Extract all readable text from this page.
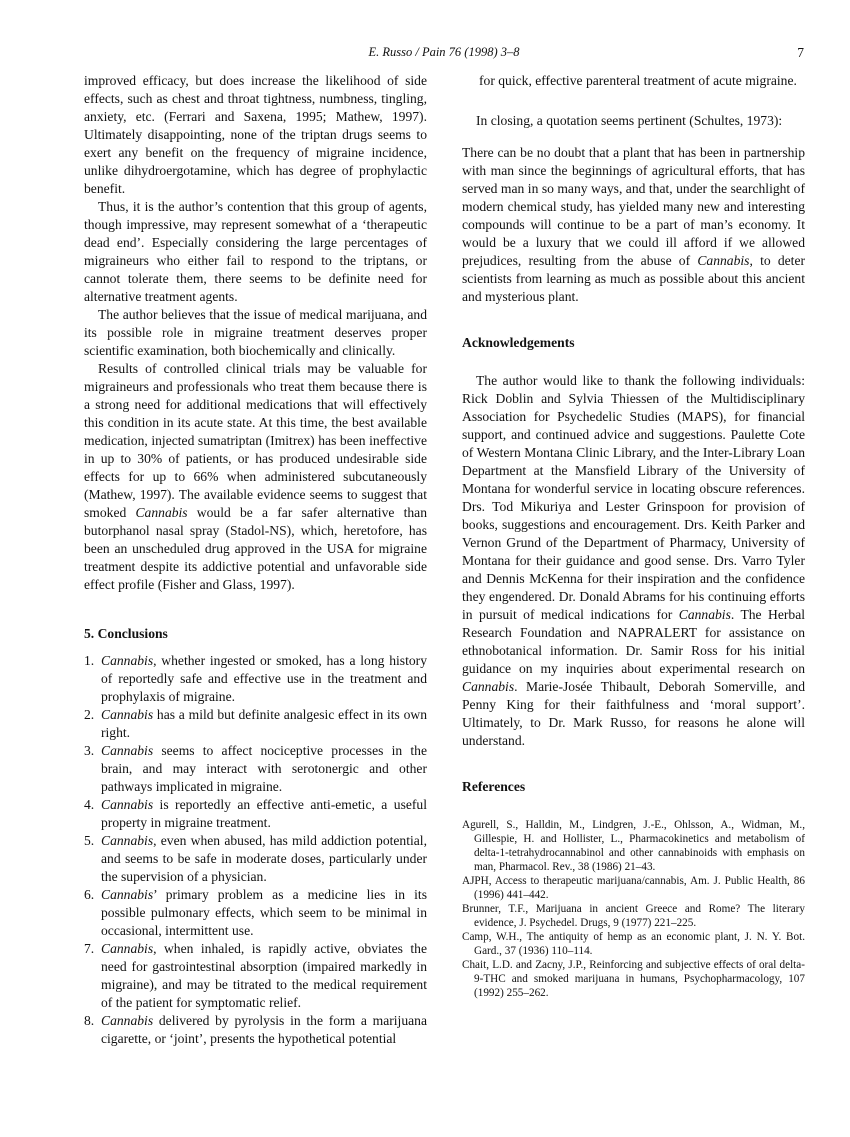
E. Russo / Pain 76 (1998) 3–8	7

improved efficacy, but does increase the likelihood of side effects, such as chest and throat tightness, numbness, tingling, anxiety, etc. (Ferrari and Saxena, 1995; Mathew, 1997). Ultimately disappointing, none of the triptan drugs seems to exert any benefit on the frequency of migraine incidence, unlike dihydroergotamine, which has degree of prophylactic benefit.

Thus, it is the author’s contention that this group of agents, though impressive, may represent somewhat of a ‘therapeutic dead end’. Especially considering the large percentages of migraineurs who either fail to respond to the triptans, or cannot tolerate them, there seems to be definite need for alternative treatment agents.

The author believes that the issue of medical marijuana, and its possible role in migraine treatment deserves proper scientific examination, both biochemically and clinically.

Results of controlled clinical trials may be valuable for migraineurs and professionals who treat them because there is a strong need for additional medications that will effectively this condition in its acute state. At this time, the best available medication, injected sumatriptan (Imitrex) has been ineffective in up to 30% of patients, or has produced undesirable side effects for up to 66% when administered subcutaneously (Mathew, 1997). The available evidence seems to suggest that smoked Cannabis would be a far safer alternative than butorphanol nasal spray (Stadol-NS), which, heretofore, has been an unscheduled drug approved in the USA for migraine treatment despite its addictive potential and unfavorable side effect profile (Fisher and Glass, 1997).

5. Conclusions
1. Cannabis, whether ingested or smoked, has a long history of reportedly safe and effective use in the treatment and prophylaxis of migraine.
2. Cannabis has a mild but definite analgesic effect in its own right.
3. Cannabis seems to affect nociceptive processes in the brain, and may interact with serotonergic and other pathways implicated in migraine.
4. Cannabis is reportedly an effective anti-emetic, a useful property in migraine treatment.
5. Cannabis, even when abused, has mild addiction potential, and seems to be safe in moderate doses, particularly under the supervision of a physician.
6. Cannabis’ primary problem as a medicine lies in its possible pulmonary effects, which seem to be minimal in occasional, intermittent use.
7. Cannabis, when inhaled, is rapidly active, obviates the need for gastrointestinal absorption (impaired markedly in migraine), and may be titrated to the medical requirement of the patient for symptomatic relief.
8. Cannabis delivered by pyrolysis in the form a marijuana cigarette, or ‘joint’, presents the hypothetical potential

for quick, effective parenteral treatment of acute migraine.

In closing, a quotation seems pertinent (Schultes, 1973):

There can be no doubt that a plant that has been in partnership with man since the beginnings of agricultural efforts, that has served man in so many ways, and that, under the searchlight of modern chemical study, has yielded many new and interesting compounds will continue to be a part of man’s economy. It would be a luxury that we could ill afford if we allowed prejudices, resulting from the abuse of Cannabis, to deter scientists from learning as much as possible about this ancient and mysterious plant.

Acknowledgements

The author would like to thank the following individuals: Rick Doblin and Sylvia Thiessen of the Multidisciplinary Association for Psychedelic Studies (MAPS), for financial support, and continued advice and suggestions. Paulette Cote of Western Montana Clinic Library, and the Inter-Library Loan Department at the Mansfield Library of the University of Montana for wonderful service in locating obscure references. Drs. Tod Mikuriya and Lester Grinspoon for provision of books, suggestions and encouragement. Drs. Keith Parker and Vernon Grund of the Department of Pharmacy, University of Montana for their guidance and good sense. Drs. Varro Tyler and Dennis McKenna for their inspiration and the confidence they engendered. Dr. Donald Abrams for his continuing efforts in pursuit of medical indications for Cannabis. The Herbal Research Foundation and NAPRALERT for assistance on ethnobotanical information. Dr. Samir Ross for his initial guidance on my inquiries about experimental research on Cannabis. Marie-Josée Thibault, Deborah Somerville, and Penny King for their faithfulness and ‘moral support’. Ultimately, to Dr. Mark Russo, for reasons he alone will understand.

References

Agurell, S., Halldin, M., Lindgren, J.-E., Ohlsson, A., Widman, M., Gillespie, H. and Hollister, L., Pharmacokinetics and metabolism of delta-1-tetrahydrocannabinol and other cannabinoids with emphasis on man, Pharmacol. Rev., 38 (1986) 21–43.

AJPH, Access to therapeutic marijuana/cannabis, Am. J. Public Health, 86 (1996) 441–442.

Brunner, T.F., Marijuana in ancient Greece and Rome? The literary evidence, J. Psychedel. Drugs, 9 (1977) 221–225.

Camp, W.H., The antiquity of hemp as an economic plant, J. N. Y. Bot. Gard., 37 (1936) 110–114.

Chait, L.D. and Zacny, J.P., Reinforcing and subjective effects of oral delta-9-THC and smoked marijuana in humans, Psychopharmacology, 107 (1992) 255–262.
